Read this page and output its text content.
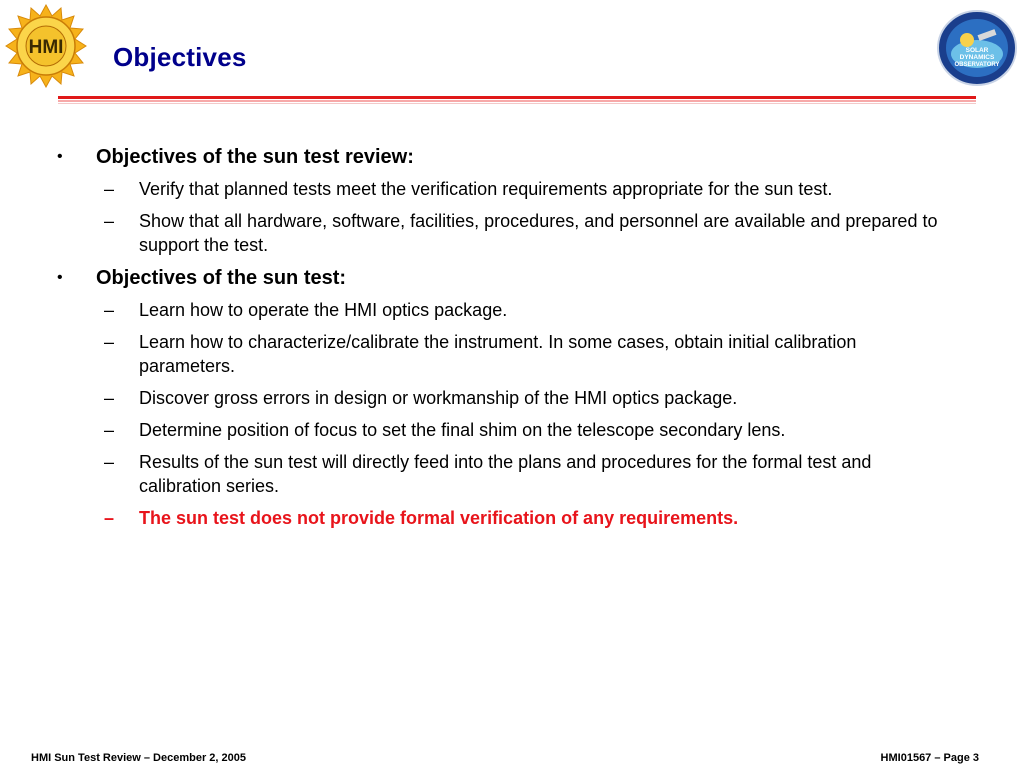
HMI Objectives	SOLAR
DYNAMICS
OBSERVATORY
•	Objectives of the sun test review:
–	Verify that planned tests meet the verification requirements appropriate for the sun test.
–	Show that all hardware, software, facilities, procedures, and personnel are available and prepared to support the test.
•	Objectives of the sun test:
–	Learn how to operate the HMI optics package.
–	Learn how to characterize/calibrate the instrument. In some cases, obtain initial calibration parameters.
–	Discover gross errors in design or workmanship of the HMI optics package.
–	Determine position of focus to set the final shim on the telescope secondary lens.
–	Results of the sun test will directly feed into the plans and procedures for the formal test and calibration series.
–	The sun test does not provide formal verification of any requirements.
HMI Sun Test Review – December 2, 2005	HMI01567 – Page 3
